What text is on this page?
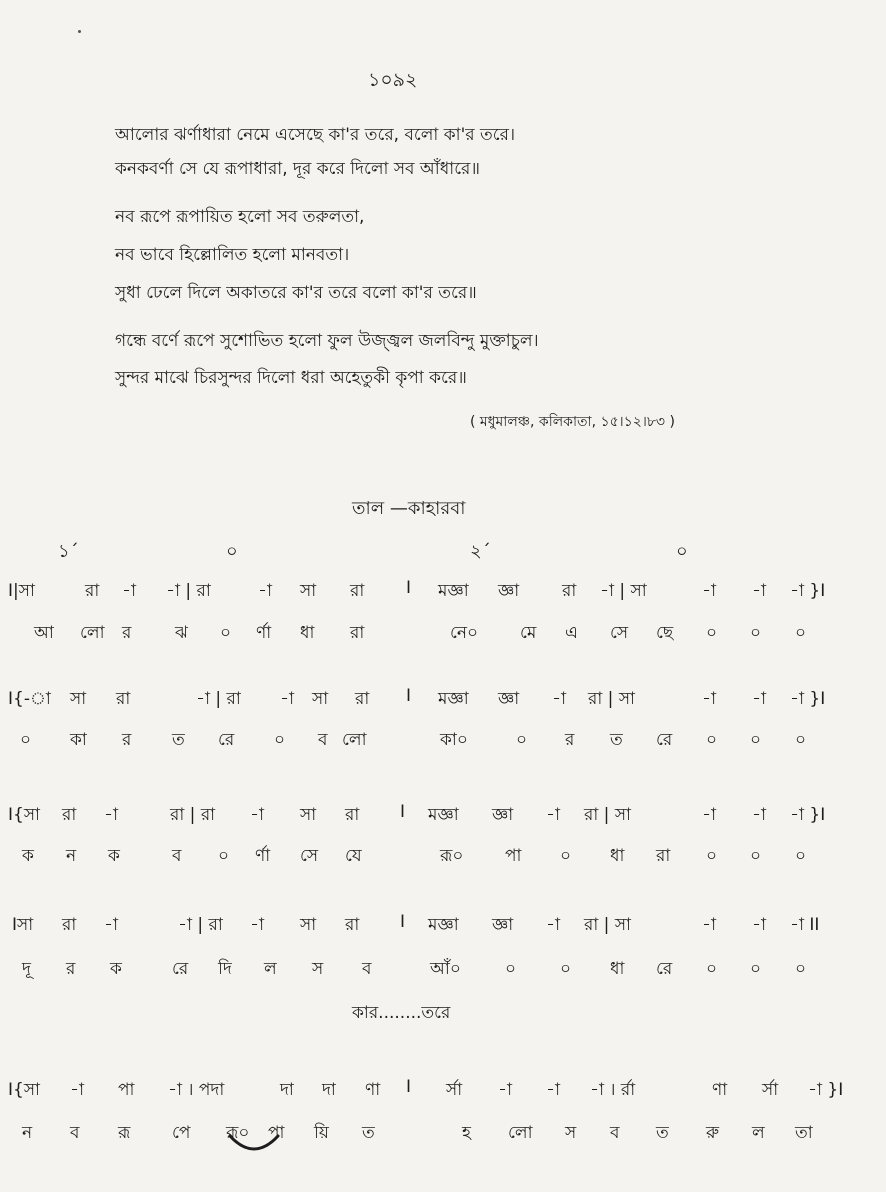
১০৯২
আলোর ঝর্ণাধারা নেমে এসেছে কা'র তরে, বলো কা'র তরে।
কনকবর্ণা সে যে রূপাধারা, দূর করে দিলো সব আঁধারে॥
নব রূপে রূপায়িত হলো সব তরুলতা,
নব ভাবে হিল্লোলিত হলো মানবতা।
সুধা ঢেলে দিলে অকাতরে কা'র তরে বলো কা'র তরে॥
গন্ধে বর্ণে রূপে সুশোভিত হলো ফুল উজ্জ্বল জলবিন্দু মুক্তাচুল।
সুন্দর মাঝে চিরসুন্দর দিলো ধরা অহেতুকী কৃপা করে॥
( মধুমালঞ্চ, কলিকাতা, ১৫।১২।৮৩ )
তাল —কাহারবা
১´	০	২´	০
I|সা	রা -া -া | রা	-া সা রা I মজ্ঞা জ্ঞা	রা -া | সা	-া -া -া }I
আ লো র	ঝ ০ র্ণা ধা রা	নে০ মে এ সে ছে ০ ০ ০
I{-া সা রা	-া | রা -া সা রা I মজ্ঞা জ্ঞা -া রা | সা	-া -া -া }I
০ কা র ত রে ০ ব লো	কা০	০ র ত রে ০ ০ ০
I{সা রা -া	রা | রা -া সা রা I মজ্ঞা জ্ঞা -া রা | সা	-া -া -া }I
ক ন ক	ব ০ র্ণা সে যে	রূ০ পা ০ ধা রা ০ ০ ০
Iসা রা -া	-া | রা -া সা রা I মজ্ঞা জ্ঞা -া রা | সা	-া -া -া II
দূ র ক	রে দি ল স ব	আঁ০	০	০ ধা রে ০ ০ ০
কার........তরে
I{সা -া পা -া । পদা	দা দা ণা I র্সা -া -া -া । র্রা	ণা র্সা -া }I
ন ব রূ পে রূ০ পা য়ি ত	হ লো স ব ত রু ল তা
